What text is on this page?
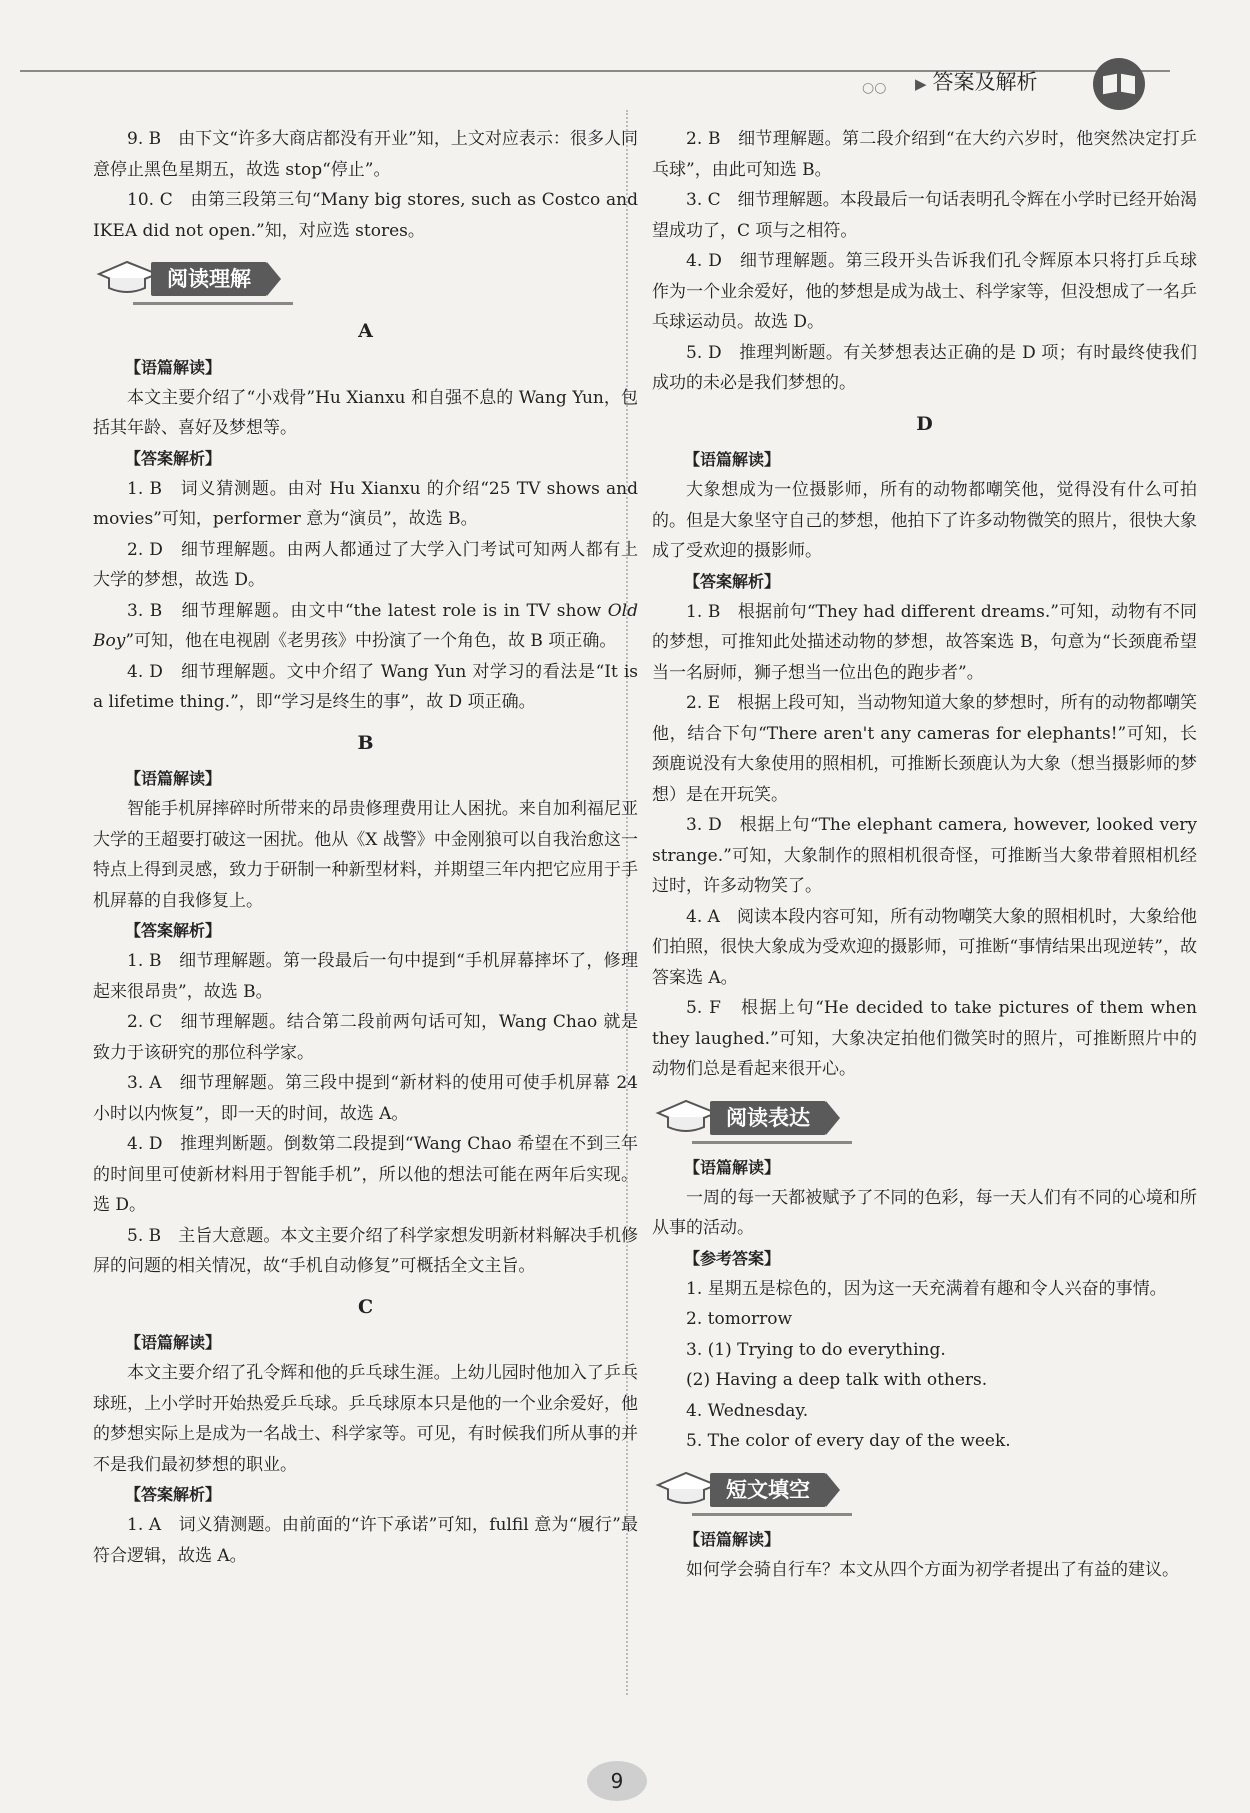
○○ ▶ 答案及解析

9. B　由下文“许多大商店都没有开业”知，上文对应表示：很多人同意停止黑色星期五，故选 stop“停止”。

10. C　由第三段第三句“Many big stores, such as Costco and IKEA did not open.”知，对应选 stores。

阅读理解
A

【语篇解读】

本文主要介绍了“小戏骨”Hu Xianxu 和自强不息的 Wang Yun，包括其年龄、喜好及梦想等。

【答案解析】

1. B　词义猜测题。由对 Hu Xianxu 的介绍“25 TV shows and movies”可知，performer 意为“演员”，故选 B。

2. D　细节理解题。由两人都通过了大学入门考试可知两人都有上大学的梦想，故选 D。

3. B　细节理解题。由文中“the latest role is in TV show Old Boy”可知，他在电视剧《老男孩》中扮演了一个角色，故 B 项正确。

4. D　细节理解题。文中介绍了 Wang Yun 对学习的看法是“It is a lifetime thing.”，即“学习是终生的事”，故 D 项正确。

B

【语篇解读】

智能手机屏摔碎时所带来的昂贵修理费用让人困扰。来自加利福尼亚大学的王超要打破这一困扰。他从《X 战警》中金刚狼可以自我治愈这一特点上得到灵感，致力于研制一种新型材料，并期望三年内把它应用于手机屏幕的自我修复上。

【答案解析】

1. B　细节理解题。第一段最后一句中提到“手机屏幕摔坏了，修理起来很昂贵”，故选 B。

2. C　细节理解题。结合第二段前两句话可知，Wang Chao 就是致力于该研究的那位科学家。

3. A　细节理解题。第三段中提到“新材料的使用可使手机屏幕 24 小时以内恢复”，即一天的时间，故选 A。

4. D　推理判断题。倒数第二段提到“Wang Chao 希望在不到三年的时间里可使新材料用于智能手机”，所以他的想法可能在两年后实现。选 D。

5. B　主旨大意题。本文主要介绍了科学家想发明新材料解决手机修屏的问题的相关情况，故“手机自动修复”可概括全文主旨。

C

【语篇解读】

本文主要介绍了孔令辉和他的乒乓球生涯。上幼儿园时他加入了乒乓球班，上小学时开始热爱乒乓球。乒乓球原本只是他的一个业余爱好，他的梦想实际上是成为一名战士、科学家等。可见，有时候我们所从事的并不是我们最初梦想的职业。

【答案解析】

1. A　词义猜测题。由前面的“许下承诺”可知，fulfil 意为“履行”最符合逻辑，故选 A。

2. B　细节理解题。第二段介绍到“在大约六岁时，他突然决定打乒乓球”，由此可知选 B。

3. C　细节理解题。本段最后一句话表明孔令辉在小学时已经开始渴望成功了，C 项与之相符。

4. D　细节理解题。第三段开头告诉我们孔令辉原本只将打乒乓球作为一个业余爱好，他的梦想是成为战士、科学家等，但没想成了一名乒乓球运动员。故选 D。

5. D　推理判断题。有关梦想表达正确的是 D 项；有时最终使我们成功的未必是我们梦想的。

D

【语篇解读】

大象想成为一位摄影师，所有的动物都嘲笑他，觉得没有什么可拍的。但是大象坚守自己的梦想，他拍下了许多动物微笑的照片，很快大象成了受欢迎的摄影师。

【答案解析】

1. B　根据前句“They had different dreams.”可知，动物有不同的梦想，可推知此处描述动物的梦想，故答案选 B，句意为“长颈鹿希望当一名厨师，狮子想当一位出色的跑步者”。

2. E　根据上段可知，当动物知道大象的梦想时，所有的动物都嘲笑他，结合下句“There aren't any cameras for elephants!”可知，长颈鹿说没有大象使用的照相机，可推断长颈鹿认为大象（想当摄影师的梦想）是在开玩笑。

3. D　根据上句“The elephant camera, however, looked very strange.”可知，大象制作的照相机很奇怪，可推断当大象带着照相机经过时，许多动物笑了。

4. A　阅读本段内容可知，所有动物嘲笑大象的照相机时，大象给他们拍照，很快大象成为受欢迎的摄影师，可推断“事情结果出现逆转”，故答案选 A。

5. F　根据上句“He decided to take pictures of them when they laughed.”可知，大象决定拍他们微笑时的照片，可推断照片中的动物们总是看起来很开心。

阅读表达

【语篇解读】

一周的每一天都被赋予了不同的色彩，每一天人们有不同的心境和所从事的活动。

【参考答案】

1. 星期五是棕色的，因为这一天充满着有趣和令人兴奋的事情。

2. tomorrow

3. (1) Trying to do everything.

(2) Having a deep talk with others.

4. Wednesday.

5. The color of every day of the week.

短文填空

【语篇解读】

如何学会骑自行车？本文从四个方面为初学者提出了有益的建议。

9
